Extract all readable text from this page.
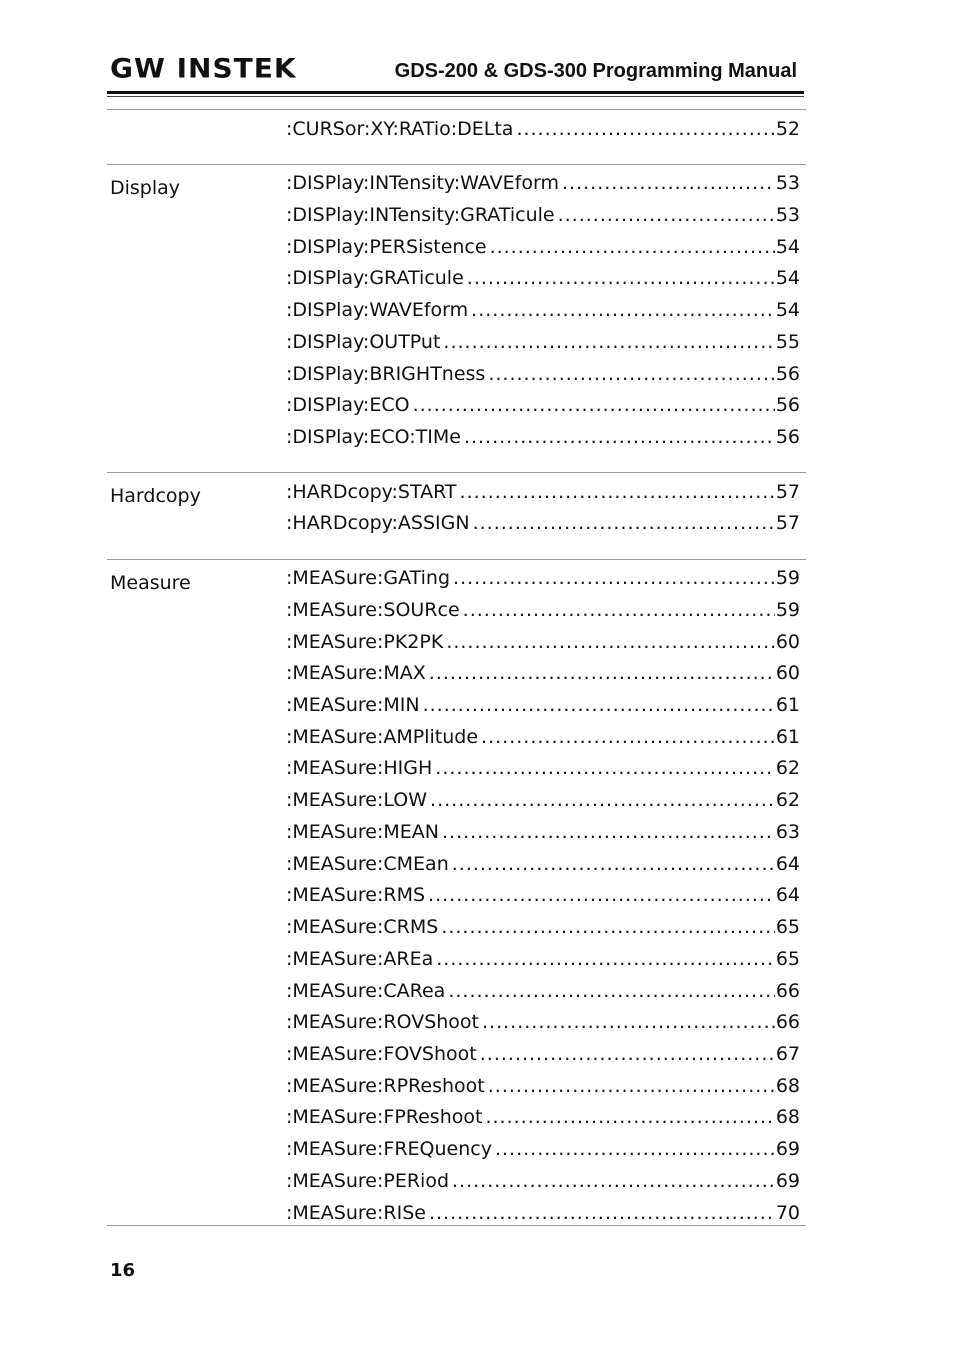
GW INSTEK	GDS-200 & GDS-300 Programming Manual
:CURSor:XY:RATio:DELta .....	52
Display	:DISPlay:INTensity:WAVEform .....	53
:DISPlay:INTensity:GRATicule .....	53
:DISPlay:PERSistence .....	54
:DISPlay:GRATicule .....	54
:DISPlay:WAVEform .....	54
:DISPlay:OUTPut .....	55
:DISPlay:BRIGHTness .....	56
:DISPlay:ECO .....	56
:DISPlay:ECO:TIMe .....	56
Hardcopy	:HARDcopy:START .....	57
:HARDcopy:ASSIGN .....	57
Measure	:MEASure:GATing .....	59
:MEASure:SOURce .....	59
:MEASure:PK2PK .....	60
:MEASure:MAX .....	60
:MEASure:MIN .....	61
:MEASure:AMPlitude .....	61
:MEASure:HIGH .....	62
:MEASure:LOW .....	62
:MEASure:MEAN .....	63
:MEASure:CMEan .....	64
:MEASure:RMS .....	64
:MEASure:CRMS .....	65
:MEASure:AREa .....	65
:MEASure:CARea .....	66
:MEASure:ROVShoot .....	66
:MEASure:FOVShoot .....	67
:MEASure:RPReshoot .....	68
:MEASure:FPReshoot .....	68
:MEASure:FREQuency .....	69
:MEASure:PERiod .....	69
:MEASure:RISe .....	70
16
